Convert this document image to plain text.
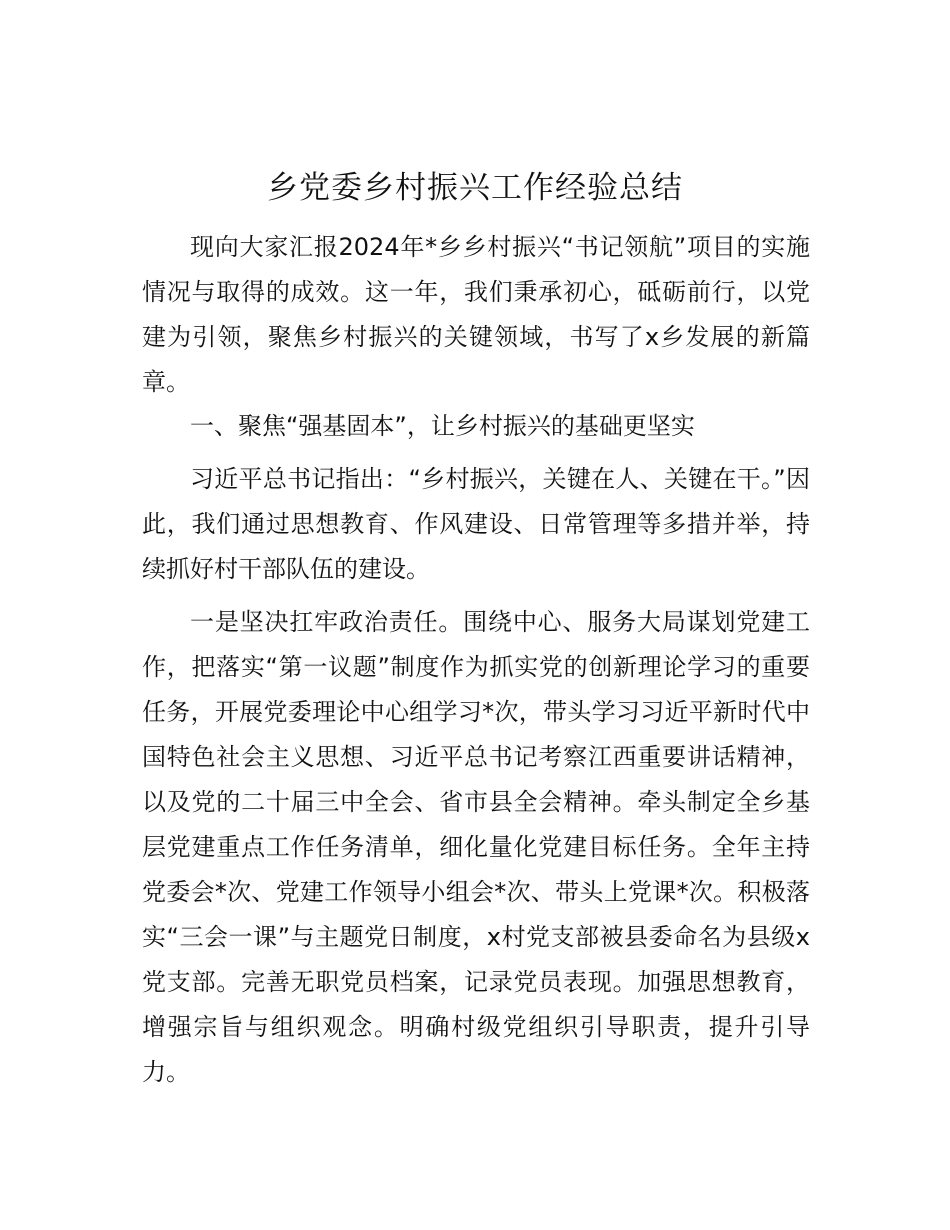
乡党委乡村振兴工作经验总结

现向大家汇报2024年*乡乡村振兴“书记领航”项目的实施情况与取得的成效。这一年，我们秉承初心，砥砺前行，以党建为引领，聚焦乡村振兴的关键领域，书写了x乡发展的新篇章。

一、聚焦“强基固本”，让乡村振兴的基础更坚实

习近平总书记指出：“乡村振兴，关键在人、关键在干。”因此，我们通过思想教育、作风建设、日常管理等多措并举，持续抓好村干部队伍的建设。

一是坚决扛牢政治责任。围绕中心、服务大局谋划党建工作，把落实“第一议题”制度作为抓实党的创新理论学习的重要任务，开展党委理论中心组学习*次，带头学习习近平新时代中国特色社会主义思想、习近平总书记考察江西重要讲话精神，以及党的二十届三中全会、省市县全会精神。牵头制定全乡基层党建重点工作任务清单，细化量化党建目标任务。全年主持党委会*次、党建工作领导小组会*次、带头上党课*次。积极落实“三会一课”与主题党日制度，x村党支部被县委命名为县级x党支部。完善无职党员档案，记录党员表现。加强思想教育，增强宗旨与组织观念。明确村级党组织引导职责，提升引导力。
